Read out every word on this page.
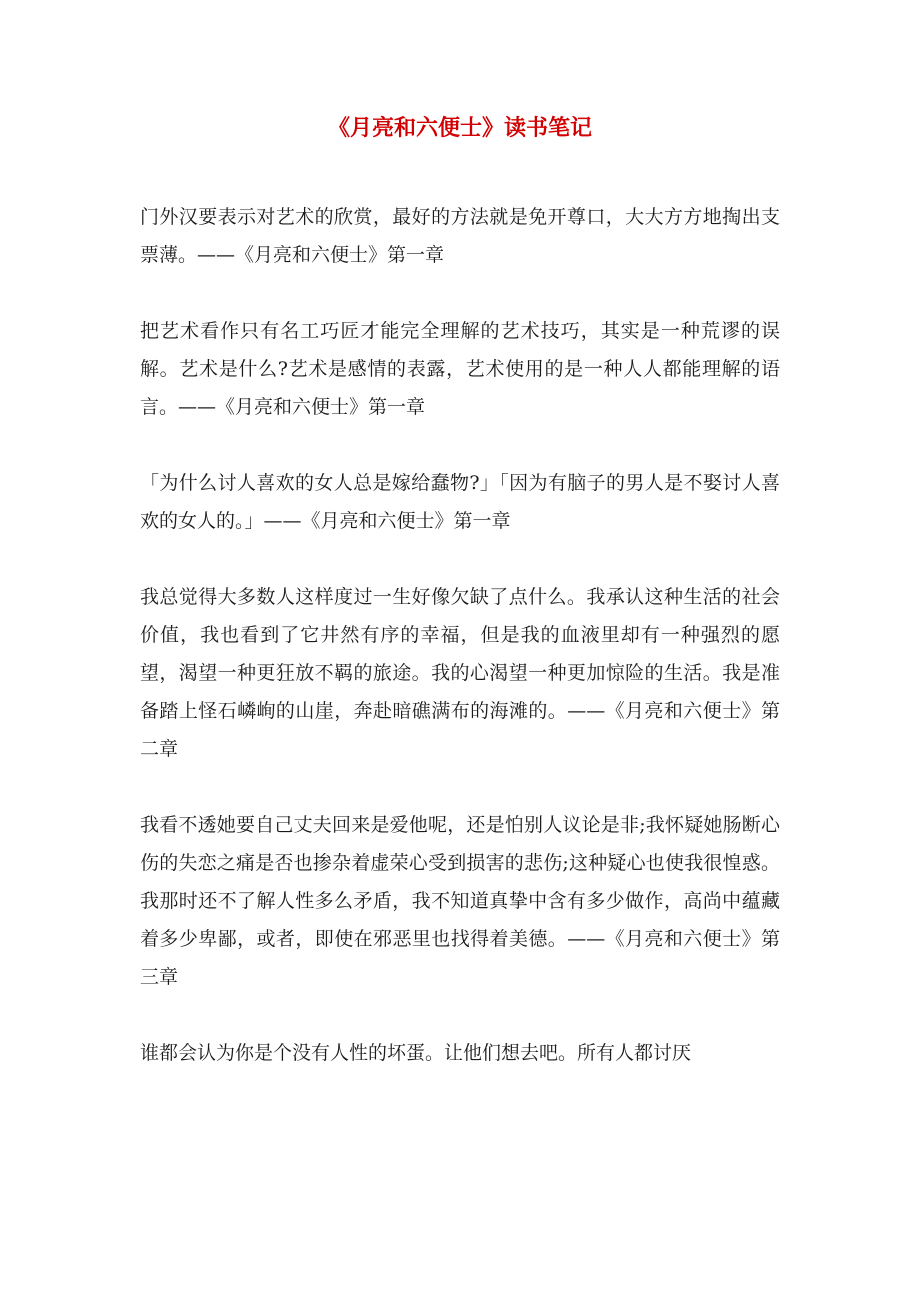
《月亮和六便士》读书笔记

门外汉要表示对艺术的欣赏，最好的方法就是免开尊口，大大方方地掏出支票薄。——《月亮和六便士》第一章

把艺术看作只有名工巧匠才能完全理解的艺术技巧，其实是一种荒谬的误解。艺术是什么?艺术是感情的表露，艺术使用的是一种人人都能理解的语言。——《月亮和六便士》第一章

「为什么讨人喜欢的女人总是嫁给蠢物?」「因为有脑子的男人是不娶讨人喜欢的女人的。」——《月亮和六便士》第一章

我总觉得大多数人这样度过一生好像欠缺了点什么。我承认这种生活的社会价值，我也看到了它井然有序的幸福，但是我的血液里却有一种强烈的愿望，渴望一种更狂放不羁的旅途。我的心渴望一种更加惊险的生活。我是准备踏上怪石嶙峋的山崖，奔赴暗礁满布的海滩的。——《月亮和六便士》第二章

我看不透她要自己丈夫回来是爱他呢，还是怕别人议论是非;我怀疑她肠断心伤的失恋之痛是否也掺杂着虚荣心受到损害的悲伤;这种疑心也使我很惶惑。我那时还不了解人性多么矛盾，我不知道真挚中含有多少做作，高尚中蕴藏着多少卑鄙，或者，即使在邪恶里也找得着美德。——《月亮和六便士》第三章

谁都会认为你是个没有人性的坏蛋。让他们想去吧。所有人都讨厌
